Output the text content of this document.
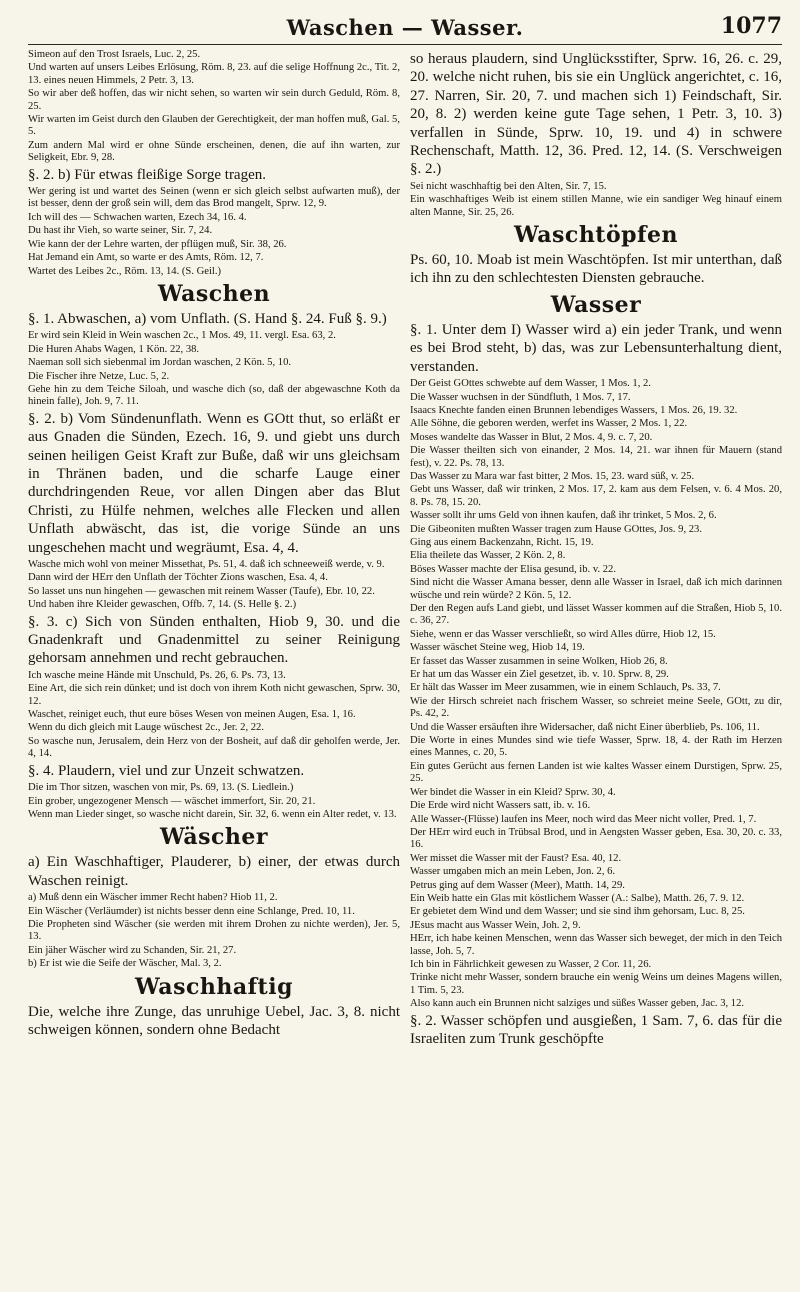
Waschen — Wasser.	1077

Simeon auf den Trost Israels, Luc. 2, 25.

Und warten auf unsers Leibes Erlösung, Röm. 8, 23. auf die selige Hoffnung 2c., Tit. 2, 13. eines neuen Himmels, 2 Petr. 3, 13.

So wir aber deß hoffen, das wir nicht sehen, so warten wir sein durch Geduld, Röm. 8, 25.

Wir warten im Geist durch den Glauben der Gerechtigkeit, der man hoffen muß, Gal. 5, 5.

Zum andern Mal wird er ohne Sünde erscheinen, denen, die auf ihn warten, zur Seligkeit, Ebr. 9, 28.

§. 2. b) Für etwas fleißige Sorge tragen.

Wer gering ist und wartet des Seinen (wenn er sich gleich selbst aufwarten muß), der ist besser, denn der groß sein will, dem das Brod mangelt, Sprw. 12, 9.

Ich will des — Schwachen warten, Ezech 34, 16. 4.

Du hast ihr Vieh, so warte seiner, Sir. 7, 24.

Wie kann der der Lehre warten, der pflügen muß, Sir. 38, 26.

Hat Jemand ein Amt, so warte er des Amts, Röm. 12, 7.

Wartet des Leibes 2c., Röm. 13, 14. (S. Geil.)

Waschen

§. 1. Abwaschen, a) vom Unflath. (S. Hand §. 24. Fuß §. 9.)

Er wird sein Kleid in Wein waschen 2c., 1 Mos. 49, 11. vergl. Esa. 63, 2.

Die Huren Ahabs Wagen, 1 Kön. 22, 38.

Naeman soll sich siebenmal im Jordan waschen, 2 Kön. 5, 10.

Die Fischer ihre Netze, Luc. 5, 2.

Gehe hin zu dem Teiche Siloah, und wasche dich (so, daß der abgewaschne Koth da hinein falle), Joh. 9, 7. 11.

§. 2. b) Vom Sündenunflath. Wenn es GOtt thut, so erläßt er aus Gnaden die Sünden, Ezech. 16, 9. und giebt uns durch seinen heiligen Geist Kraft zur Buße, daß wir uns gleichsam in Thränen baden, und die scharfe Lauge einer durchdringenden Reue, vor allen Dingen aber das Blut Christi, zu Hülfe nehmen, welches alle Flecken und allen Unflath abwäscht, das ist, die vorige Sünde an uns ungeschehen macht und wegräumt, Esa. 4, 4.

Wasche mich wohl von meiner Missethat, Ps. 51, 4. daß ich schneeweiß werde, v. 9.

Dann wird der HErr den Unflath der Töchter Zions waschen, Esa. 4, 4.

So lasset uns nun hingehen — gewaschen mit reinem Wasser (Taufe), Ebr. 10, 22.

Und haben ihre Kleider gewaschen, Offb. 7, 14. (S. Helle §. 2.)

§. 3. c) Sich von Sünden enthalten, Hiob 9, 30. und die Gnadenkraft und Gnadenmittel zu seiner Reinigung gehorsam annehmen und recht gebrauchen.

Ich wasche meine Hände mit Unschuld, Ps. 26, 6. Ps. 73, 13.

Eine Art, die sich rein dünket; und ist doch von ihrem Koth nicht gewaschen, Sprw. 30, 12.

Waschet, reiniget euch, thut eure böses Wesen von meinen Augen, Esa. 1, 16.

Wenn du dich gleich mit Lauge wüschest 2c., Jer. 2, 22.

So wasche nun, Jerusalem, dein Herz von der Bosheit, auf daß dir geholfen werde, Jer. 4, 14.

§. 4. Plaudern, viel und zur Unzeit schwatzen.

Die im Thor sitzen, waschen von mir, Ps. 69, 13. (S. Liedlein.)

Ein grober, ungezogener Mensch — wäschet immerfort, Sir. 20, 21.

Wenn man Lieder singet, so wasche nicht darein, Sir. 32, 6. wenn ein Alter redet, v. 13.

Wäscher

a) Ein Waschhaftiger, Plauderer, b) einer, der etwas durch Waschen reinigt.

a) Muß denn ein Wäscher immer Recht haben? Hiob 11, 2.

Ein Wäscher (Verläumder) ist nichts besser denn eine Schlange, Pred. 10, 11.

Die Propheten sind Wäscher (sie werden mit ihrem Drohen zu nichte werden), Jer. 5, 13.

Ein jäher Wäscher wird zu Schanden, Sir. 21, 27.

b) Er ist wie die Seife der Wäscher, Mal. 3, 2.

Waschhaftig

Die, welche ihre Zunge, das unruhige Uebel, Jac. 3, 8. nicht schweigen können, sondern ohne Bedacht

so heraus plaudern, sind Unglücksstifter, Sprw. 16, 26. c. 29, 20. welche nicht ruhen, bis sie ein Unglück angerichtet, c. 16, 27. Narren, Sir. 20, 7. und machen sich 1) Feindschaft, Sir. 20, 8. 2) werden keine gute Tage sehen, 1 Petr. 3, 10. 3) verfallen in Sünde, Sprw. 10, 19. und 4) in schwere Rechenschaft, Matth. 12, 36. Pred. 12, 14. (S. Verschweigen §. 2.)

Sei nicht waschhaftig bei den Alten, Sir. 7, 15.

Ein waschhaftiges Weib ist einem stillen Manne, wie ein sandiger Weg hinauf einem alten Manne, Sir. 25, 26.

Waschtöpfen

Ps. 60, 10. Moab ist mein Waschtöpfen. Ist mir unterthan, daß ich ihn zu den schlechtesten Diensten gebrauche.

Wasser

§. 1. Unter dem I) Wasser wird a) ein jeder Trank, und wenn es bei Brod steht, b) das, was zur Lebensunterhaltung dient, verstanden.

Der Geist GOttes schwebte auf dem Wasser, 1 Mos. 1, 2.

Die Wasser wuchsen in der Sündfluth, 1 Mos. 7, 17.

Isaacs Knechte fanden einen Brunnen lebendiges Wassers, 1 Mos. 26, 19. 32.

Alle Söhne, die geboren werden, werfet ins Wasser, 2 Mos. 1, 22.

Moses wandelte das Wasser in Blut, 2 Mos. 4, 9. c. 7, 20.

Die Wasser theilten sich von einander, 2 Mos. 14, 21. war ihnen für Mauern (stand fest), v. 22. Ps. 78, 13.

Das Wasser zu Mara war fast bitter, 2 Mos. 15, 23. ward süß, v. 25.

Gebt uns Wasser, daß wir trinken, 2 Mos. 17, 2. kam aus dem Felsen, v. 6. 4 Mos. 20, 8. Ps. 78, 15. 20.

Wasser sollt ihr ums Geld von ihnen kaufen, daß ihr trinket, 5 Mos. 2, 6.

Die Gibeoniten mußten Wasser tragen zum Hause GOttes, Jos. 9, 23.

Ging aus einem Backenzahn, Richt. 15, 19.

Elia theilete das Wasser, 2 Kön. 2, 8.

Böses Wasser machte der Elisa gesund, ib. v. 22.

Sind nicht die Wasser Amana besser, denn alle Wasser in Israel, daß ich mich darinnen wüsche und rein würde? 2 Kön. 5, 12.

Der den Regen aufs Land giebt, und lässet Wasser kommen auf die Straßen, Hiob 5, 10. c. 36, 27.

Siehe, wenn er das Wasser verschließt, so wird Alles dürre, Hiob 12, 15.

Wasser wäschet Steine weg, Hiob 14, 19.

Er fasset das Wasser zusammen in seine Wolken, Hiob 26, 8.

Er hat um das Wasser ein Ziel gesetzet, ib. v. 10. Sprw. 8, 29.

Er hält das Wasser im Meer zusammen, wie in einem Schlauch, Ps. 33, 7.

Wie der Hirsch schreiet nach frischem Wasser, so schreiet meine Seele, GOtt, zu dir, Ps. 42, 2.

Und die Wasser ersäuften ihre Widersacher, daß nicht Einer überblieb, Ps. 106, 11.

Die Worte in eines Mundes sind wie tiefe Wasser, Sprw. 18, 4. der Rath im Herzen eines Mannes, c. 20, 5.

Ein gutes Gerücht aus fernen Landen ist wie kaltes Wasser einem Durstigen, Sprw. 25, 25.

Wer bindet die Wasser in ein Kleid? Sprw. 30, 4.

Die Erde wird nicht Wassers satt, ib. v. 16.

Alle Wasser-(Flüsse) laufen ins Meer, noch wird das Meer nicht voller, Pred. 1, 7.

Der HErr wird euch in Trübsal Brod, und in Aengsten Wasser geben, Esa. 30, 20. c. 33, 16.

Wer misset die Wasser mit der Faust? Esa. 40, 12.

Wasser umgaben mich an mein Leben, Jon. 2, 6.

Petrus ging auf dem Wasser (Meer), Matth. 14, 29.

Ein Weib hatte ein Glas mit köstlichem Wasser (A.: Salbe), Matth. 26, 7. 9. 12.

Er gebietet dem Wind und dem Wasser; und sie sind ihm gehorsam, Luc. 8, 25.

JEsus macht aus Wasser Wein, Joh. 2, 9.

HErr, ich habe keinen Menschen, wenn das Wasser sich beweget, der mich in den Teich lasse, Joh. 5, 7.

Ich bin in Fährlichkeit gewesen zu Wasser, 2 Cor. 11, 26.

Trinke nicht mehr Wasser, sondern brauche ein wenig Weins um deines Magens willen, 1 Tim. 5, 23.

Also kann auch ein Brunnen nicht salziges und süßes Wasser geben, Jac. 3, 12.

§. 2. Wasser schöpfen und ausgießen, 1 Sam. 7, 6. das für die Israeliten zum Trunk geschöpfte
